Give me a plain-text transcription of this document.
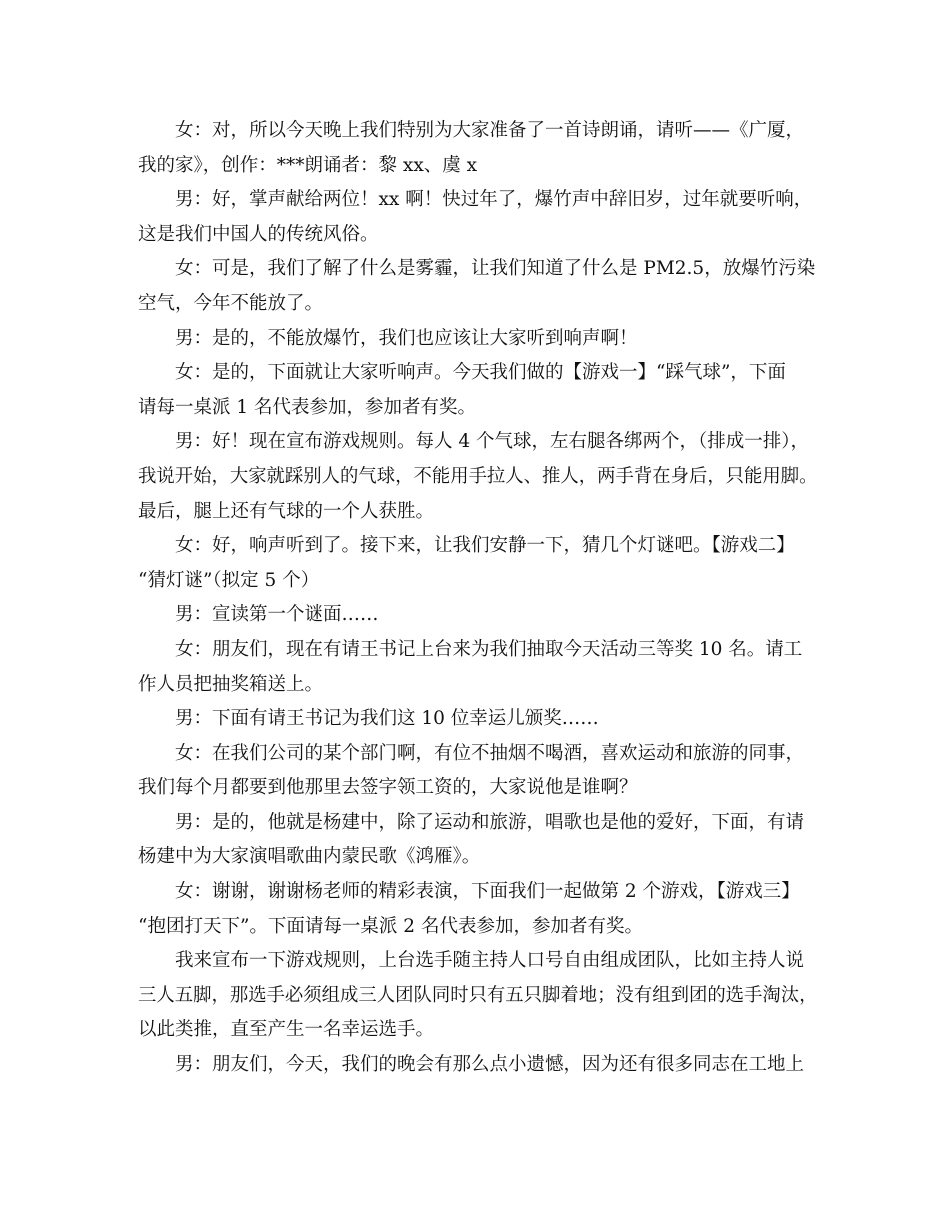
女：对，所以今天晚上我们特别为大家准备了一首诗朗诵，请听——《广厦，
我的家》，创作：***朗诵者：黎 xx、虞 x
男：好，掌声献给两位！xx 啊！快过年了，爆竹声中辞旧岁，过年就要听响，
这是我们中国人的传统风俗。
女：可是，我们了解了什么是雾霾，让我们知道了什么是 PM2.5，放爆竹污染
空气，今年不能放了。
男：是的，不能放爆竹，我们也应该让大家听到响声啊！
女：是的，下面就让大家听响声。今天我们做的【游戏一】“踩气球”，下面
请每一桌派 1 名代表参加，参加者有奖。
男：好！现在宣布游戏规则。每人 4 个气球，左右腿各绑两个，（排成一排），
我说开始，大家就踩别人的气球，不能用手拉人、推人，两手背在身后，只能用脚。
最后，腿上还有气球的一个人获胜。
女：好，响声听到了。接下来，让我们安静一下，猜几个灯谜吧。【游戏二】
“猜灯谜”（拟定 5 个）
男：宣读第一个谜面……
女：朋友们，现在有请王书记上台来为我们抽取今天活动三等奖 10 名。请工
作人员把抽奖箱送上。
男：下面有请王书记为我们这 10 位幸运儿颁奖……
女：在我们公司的某个部门啊，有位不抽烟不喝酒，喜欢运动和旅游的同事，
我们每个月都要到他那里去签字领工资的，大家说他是谁啊？
男：是的，他就是杨建中，除了运动和旅游，唱歌也是他的爱好，下面，有请
杨建中为大家演唱歌曲内蒙民歌《鸿雁》。
女：谢谢，谢谢杨老师的精彩表演，下面我们一起做第 2 个游戏，【游戏三】
“抱团打天下”。下面请每一桌派 2 名代表参加，参加者有奖。
我来宣布一下游戏规则，上台选手随主持人口号自由组成团队，比如主持人说
三人五脚，那选手必须组成三人团队同时只有五只脚着地；没有组到团的选手淘汰，
以此类推，直至产生一名幸运选手。
男：朋友们，今天，我们的晚会有那么点小遗憾，因为还有很多同志在工地上
